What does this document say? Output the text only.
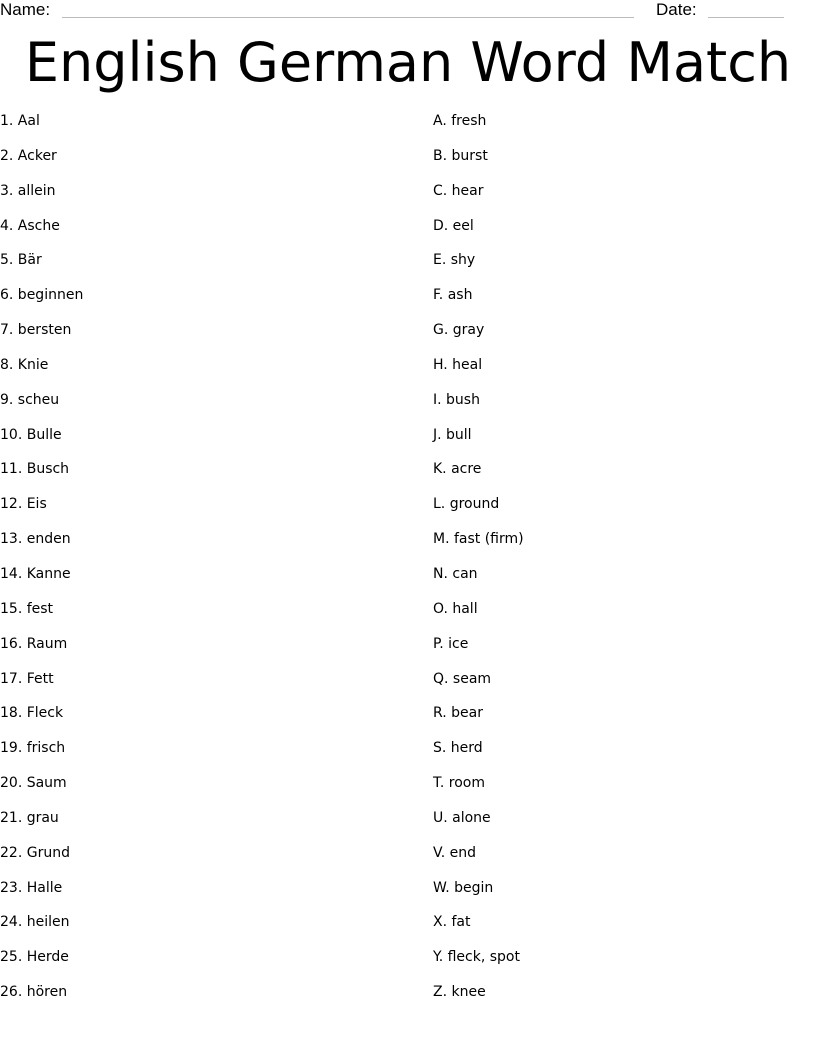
Name:	Date:
English German Word Match
1. Aal
2. Acker
3. allein
4. Asche
5. Bär
6. beginnen
7. bersten
8. Knie
9. scheu
10. Bulle
11. Busch
12. Eis
13. enden
14. Kanne
15. fest
16. Raum
17. Fett
18. Fleck
19. frisch
20. Saum
21. grau
22. Grund
23. Halle
24. heilen
25. Herde
26. hören
A. fresh
B. burst
C. hear
D. eel
E. shy
F. ash
G. gray
H. heal
I. bush
J. bull
K. acre
L. ground
M. fast (firm)
N. can
O. hall
P. ice
Q. seam
R. bear
S. herd
T. room
U. alone
V. end
W. begin
X. fat
Y. fleck, spot
Z. knee
